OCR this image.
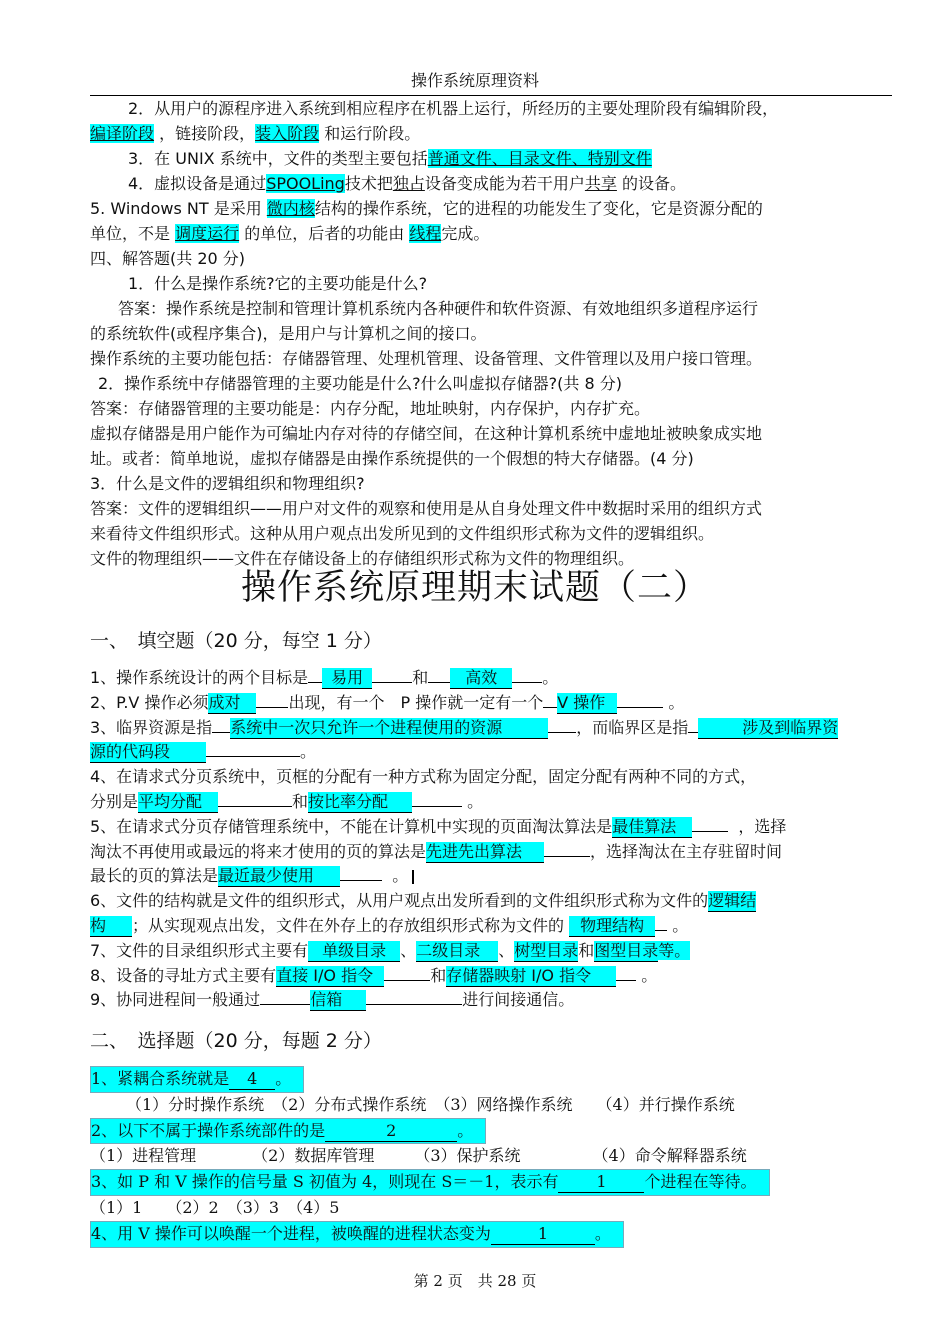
操作系统原理资料

2．从用户的源程序进入系统到相应程序在机器上运行，所经历的主要处理阶段有编辑阶段，

编译阶段 ，链接阶段，装入阶段 和运行阶段。

3．在 UNIX 系统中，文件的类型主要包括普通文件、目录文件、特别文件

4．虚拟设备是通过SPOOLing技术把独占设备变成能为若干用户共享 的设备。

5. Windows NT 是采用 微内核结构的操作系统，它的进程的功能发生了变化，它是资源分配的

单位，不是 调度运行 的单位，后者的功能由 线程完成。

四、解答题(共 20 分)

1．什么是操作系统?它的主要功能是什么?

答案：操作系统是控制和管理计算机系统内各种硬件和软件资源、有效地组织多道程序运行

的系统软件(或程序集合)，是用户与计算机之间的接口。

操作系统的主要功能包括：存储器管理、处理机管理、设备管理、文件管理以及用户接口管理。

2．操作系统中存储器管理的主要功能是什么?什么叫虚拟存储器?(共 8 分)

答案：存储器管理的主要功能是：内存分配，地址映射，内存保护，内存扩充。

虚拟存储器是用户能作为可编址内存对待的存储空间，在这种计算机系统中虚地址被映象成实地

址。或者：简单地说，虚拟存储器是由操作系统提供的一个假想的特大存储器。(4 分)

3．什么是文件的逻辑组织和物理组织?

答案：文件的逻辑组织——用户对文件的观察和使用是从自身处理文件中数据时采用的组织方式

来看待文件组织形式。这种从用户观点出发所见到的文件组织形式称为文件的逻辑组织。

文件的物理组织——文件在存储设备上的存储组织形式称为文件的物理组织。

操作系统原理期末试题（二）
一、　填空题（20 分，每空 1 分）

1、操作系统设计的两个目标是 易用	和 高效	。

2、P.V 操作必须成对	出现，有一个　P 操作就一定有一个 V 操作	。

3、临界资源是指 系统中一次只允许一个进程使用的资源	，而临界区是指	涉及到临界资

源的代码段	。

4、在请求式分页系统中，页框的分配有一种方式称为固定分配，固定分配有两种不同的方式，

分别是平均分配	和按比率分配	。

5、在请求式分页存储管理系统中，不能在计算机中实现的页面淘汰算法是最佳算法	，选择

淘汰不再使用或最远的将来才使用的页的算法是先进先出算法	，选择淘汰在主存驻留时间

最长的页的算法是最近最少使用	。

6、文件的结构就是文件的组织形式，从用户观点出发所看到的文件组织形式称为文件的逻辑结

构 ；从实现观点出发，文件在外存上的存放组织形式称为文件的 物理结构 。

7、文件的目录组织形式主要有 单级目录 、二级目录 、树型目录和图型目录等。

8、设备的寻址方式主要有直接 I/O 指令	和存储器映射 I/O 指令	。

9、协同进程间一般通过	信箱	进行间接通信。

二、　选择题（20 分，每题 2 分）

1、紧耦合系统就是 4 。

（1）分时操作系统　（2）分布式操作系统　（3）网络操作系统　　（4）并行操作系统

2、以下不属于操作系统部件的是	2	。

（1）进程管理　　　　（2）数据库管理　　　（3）保护系统　　　　　（4）命令解释器系统

3、如 P 和 V 操作的信号量 S 初值为 4，则现在 S＝－1，表示有 1 个进程在等待。

（1）1　　（2）2　（3）3　（4）5

4、用 V 操作可以唤醒一个进程，被唤醒的进程状态变为	1	。

第 2 页　共 28 页
